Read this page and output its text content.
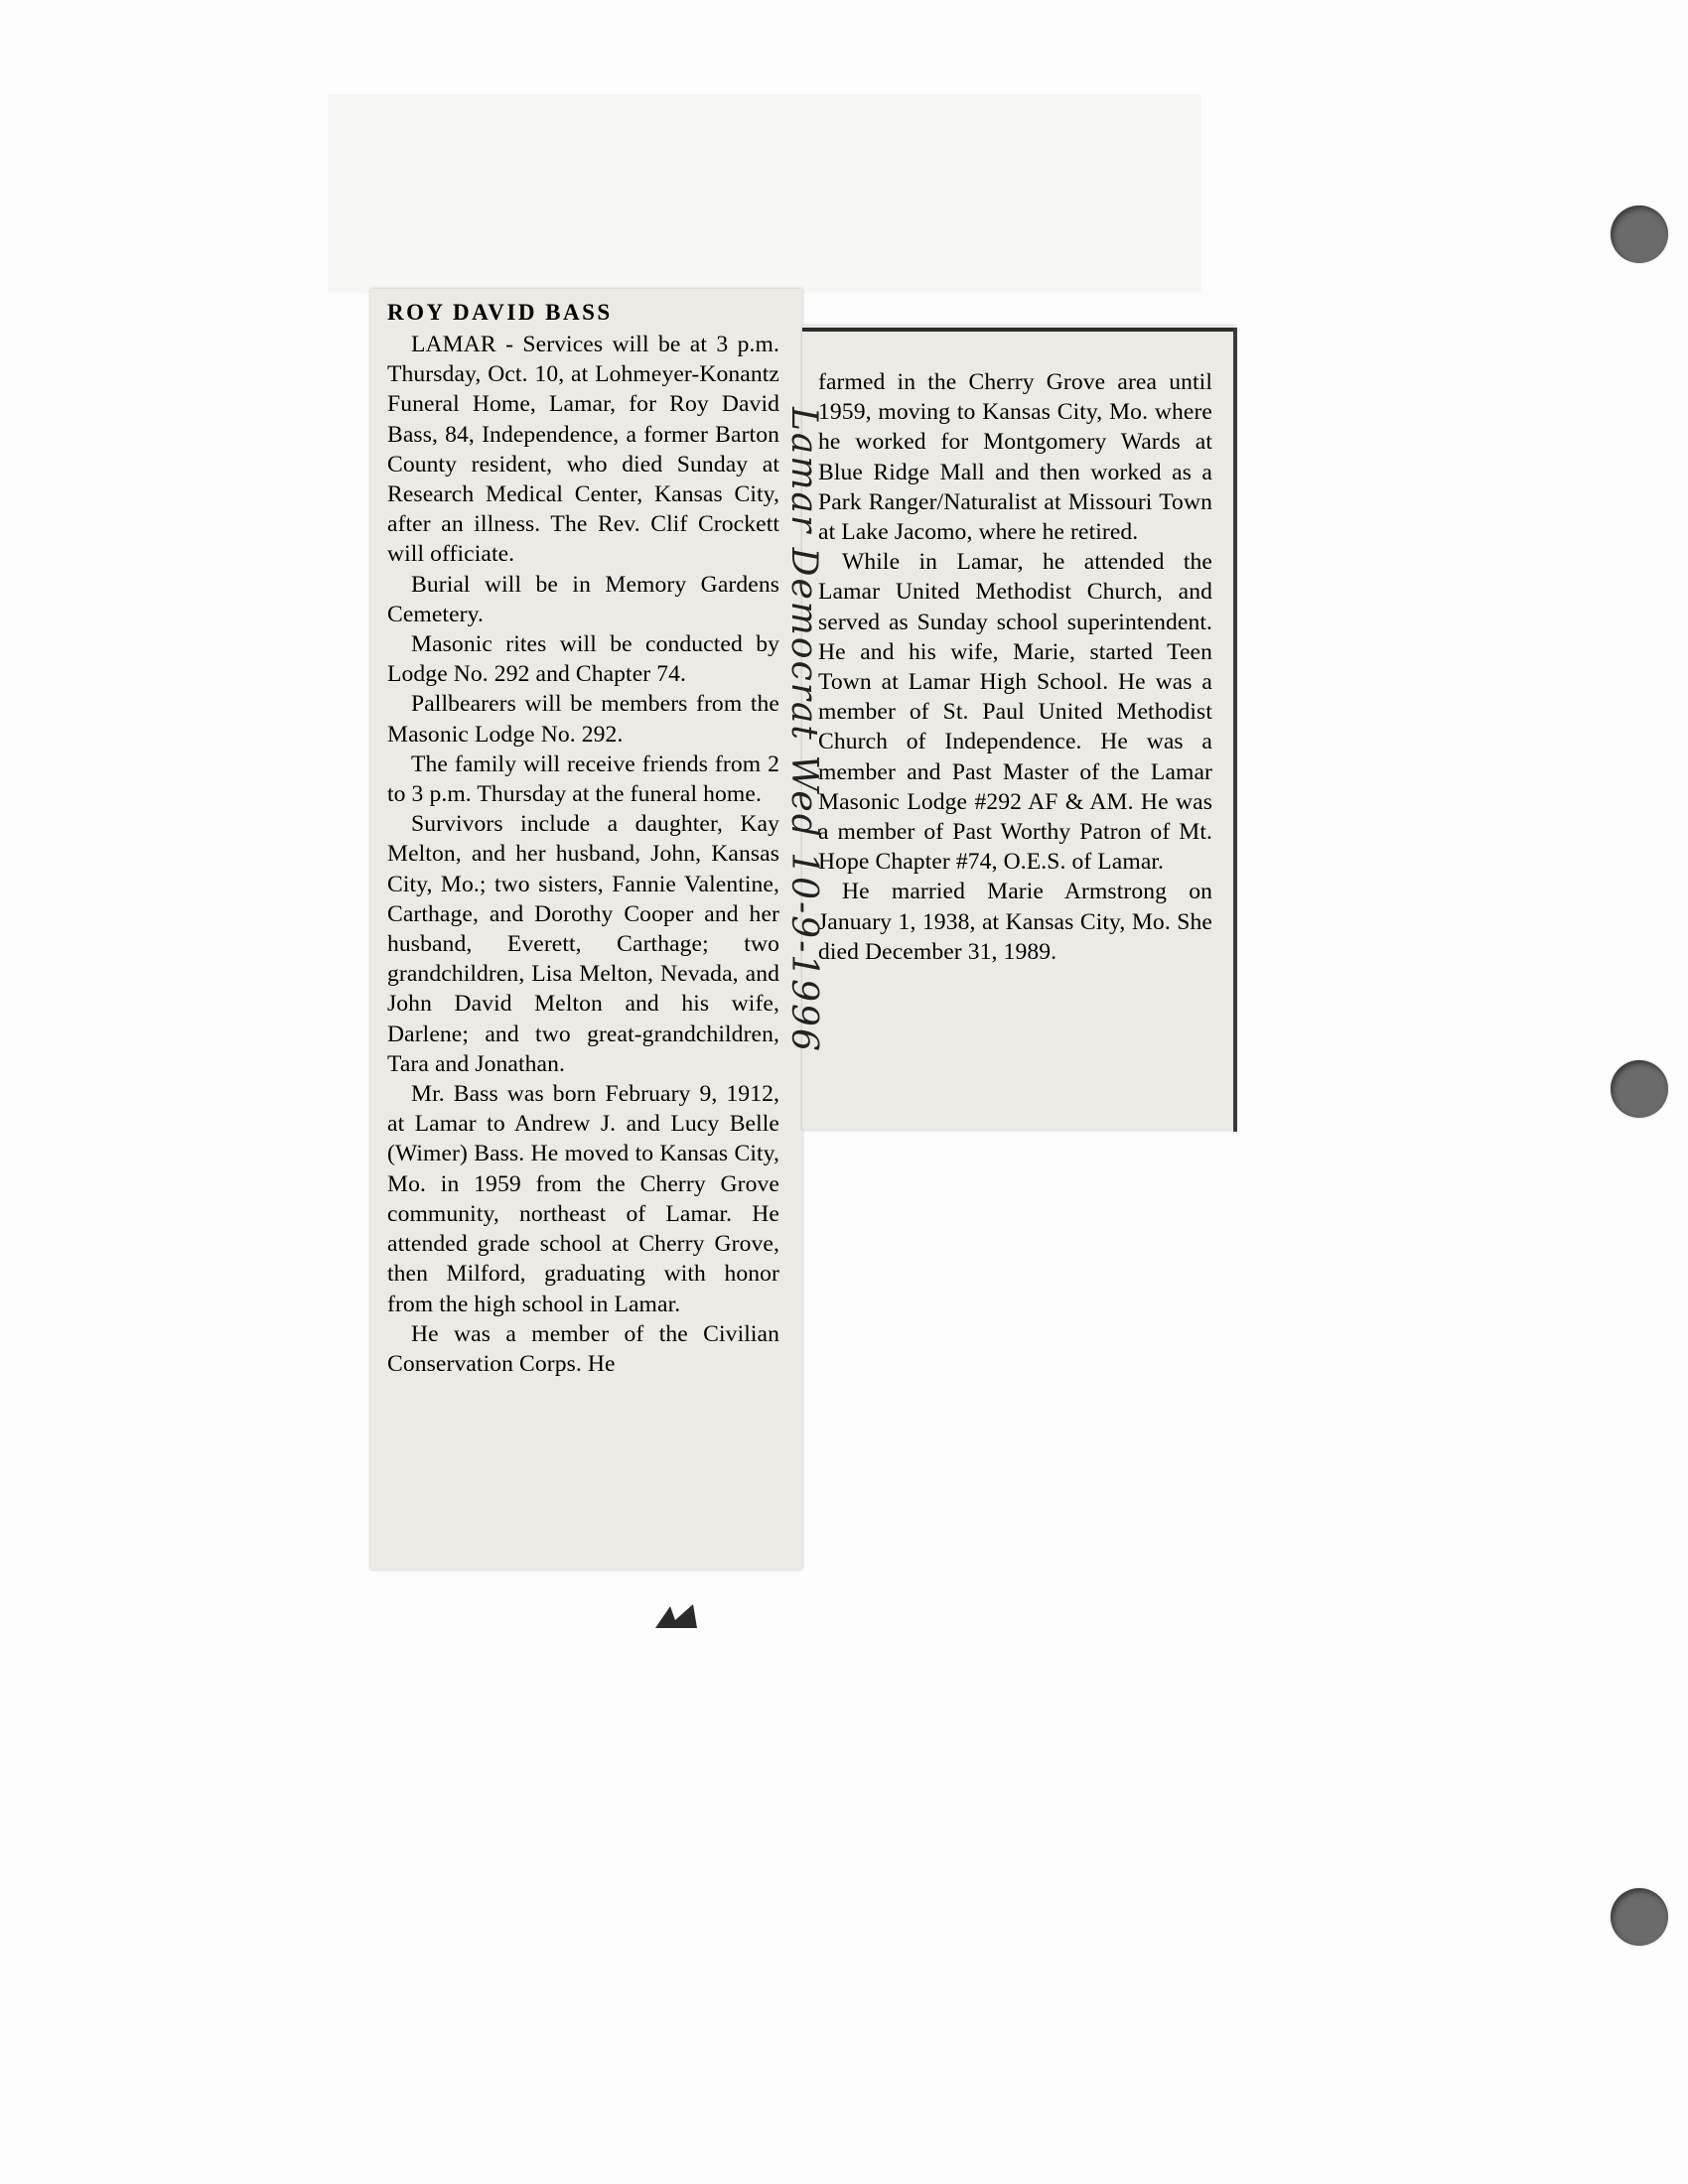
ROY DAVID BASS

LAMAR - Services will be at 3 p.m. Thursday, Oct. 10, at Lohmeyer-Konantz Funeral Home, Lamar, for Roy David Bass, 84, Independence, a former Barton County resident, who died Sunday at Research Medical Center, Kansas City, after an illness. The Rev. Clif Crockett will officiate.

Burial will be in Memory Gardens Cemetery.

Masonic rites will be conducted by Lodge No. 292 and Chapter 74.

Pallbearers will be members from the Masonic Lodge No. 292.

The family will receive friends from 2 to 3 p.m. Thursday at the funeral home.

Survivors include a daughter, Kay Melton, and her husband, John, Kansas City, Mo.; two sisters, Fannie Valentine, Carthage, and Dorothy Cooper and her husband, Everett, Carthage; two grandchildren, Lisa Melton, Nevada, and John David Melton and his wife, Darlene; and two great-grandchildren, Tara and Jonathan.

Mr. Bass was born February 9, 1912, at Lamar to Andrew J. and Lucy Belle (Wimer) Bass. He moved to Kansas City, Mo. in 1959 from the Cherry Grove community, northeast of Lamar. He attended grade school at Cherry Grove, then Milford, graduating with honor from the high school in Lamar.

He was a member of the Civilian Conservation Corps. He

farmed in the Cherry Grove area until 1959, moving to Kansas City, Mo. where he worked for Montgomery Wards at Blue Ridge Mall and then worked as a Park Ranger/Naturalist at Missouri Town at Lake Jacomo, where he retired.

While in Lamar, he attended the Lamar United Methodist Church, and served as Sunday school superintendent. He and his wife, Marie, started Teen Town at Lamar High School. He was a member of St. Paul United Methodist Church of Independence. He was a member and Past Master of the Lamar Masonic Lodge #292 AF & AM. He was a member of Past Worthy Patron of Mt. Hope Chapter #74, O.E.S. of Lamar.

He married Marie Armstrong on January 1, 1938, at Kansas City, Mo. She died December 31, 1989.

Lamar Democrat Wed 10-9-1996
